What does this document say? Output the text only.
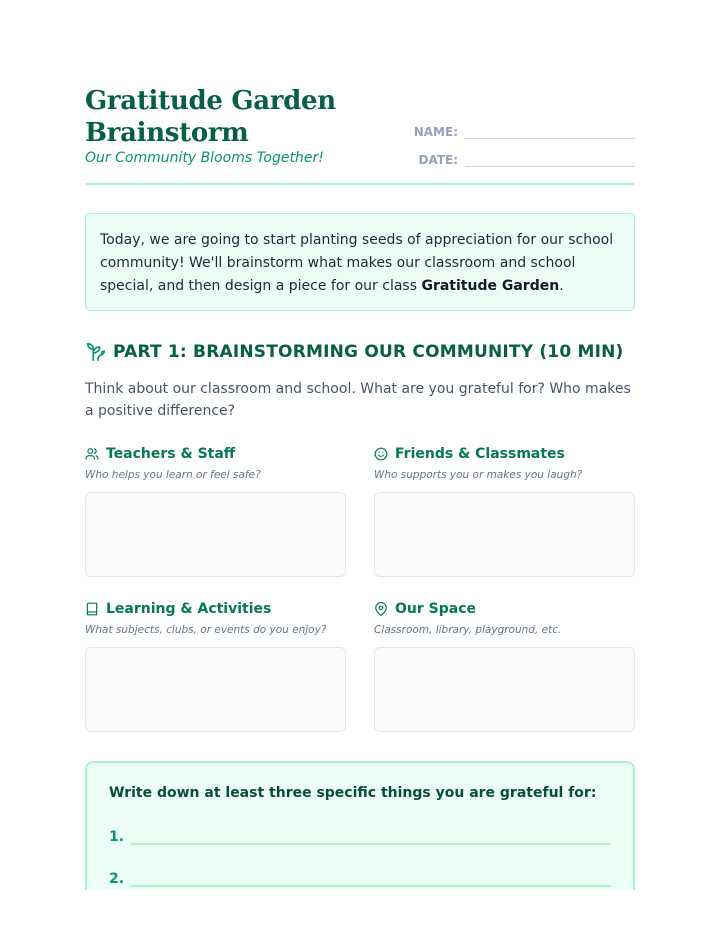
Gratitude Garden
Brainstorm
Our Community Blooms Together!
NAME:
DATE:
Today, we are going to start planting seeds of appreciation for our school community! We'll brainstorm what makes our classroom and school special, and then design a piece for our class Gratitude Garden.
PART 1: BRAINSTORMING OUR COMMUNITY (10 MIN)
Think about our classroom and school. What are you grateful for? Who makes a positive difference?
Teachers & Staff
Who helps you learn or feel safe?
Friends & Classmates
Who supports you or makes you laugh?
Learning & Activities
What subjects, clubs, or events do you enjoy?
Our Space
Classroom, library, playground, etc.
Write down at least three specific things you are grateful for:
1.
2.
